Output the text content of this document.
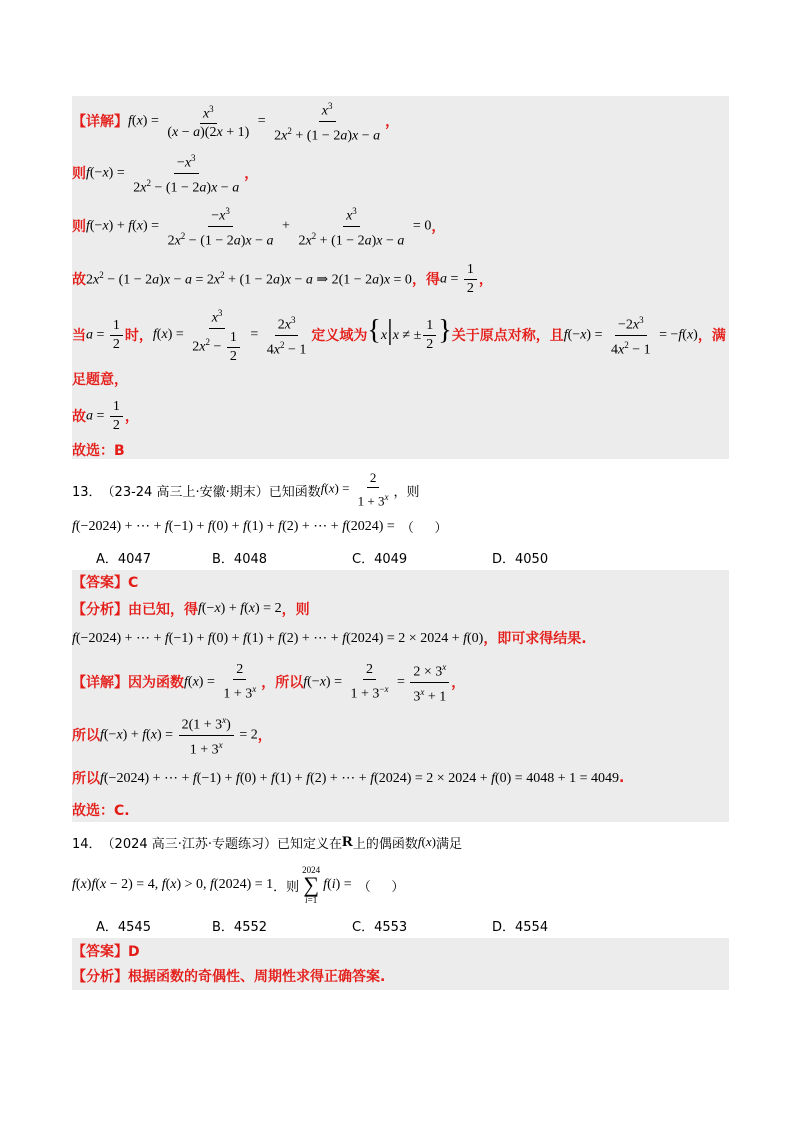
【详解】 $f(x) = \frac{x^3}{(x - a)(2x + 1)} = \frac{x^3}{2x^2 + (1 - 2a)x - a}$ ，
则 $f(-x) = \frac{-x^3}{2x^2 - (1 - 2a)x - a}$ ，
则 $f(-x) + f(x) = \frac{-x^3}{2x^2 - (1 - 2a)x - a} + \frac{x^3}{2x^2 + (1 - 2a)x - a} = 0$ ，
故 $2x^2 - (1 - 2a)x - a = 2x^2 + (1 - 2a)x - a$ ⇒ 2(1 − 2a)x = 0 ， 得 $a = \frac{1}{2}$ ，
当 $a = \frac{1}{2}$ 时， $f(x) = \frac{x^3}{2x^2 - \frac{1}{2}} = \frac{2x^3}{4x^2 - 1}$ 定义域为 {x|x ≠ ± $\frac{1}{2}$ } 关于原点对称，且 $f(-x) = \frac{-2x^3}{4x^2 - 1} = -f(x)$ ，满
足题意，
故 $a = \frac{1}{2}$ ，
故选：B
13． （23-24 高三上·安徽·期末）已知函数 $f(x) = \frac{2}{1 + 3^x}$ ，则
f(−2024) + ⋯ + f(−1) + f(0) + f(1) + f(2) + ⋯ + f(2024) = （     ）
A．4047	B．4048	C．4049	D．4050
【答案】C
【分析】 由已知，得 f(−x) + f(x) = 2 ，则
f(−2024) + ⋯ + f(−1) + f(0) + f(1) + f(2) + ⋯ + f(2024) = 2 × 2024 + f(0) ，即可求得结果.
【详解】 因为函数 $f(x) = \frac{2}{1 + 3^x}$ ，所以 $f(-x) = \frac{2}{1 + 3^{-x}} = \frac{2 \times 3^x}{3^x + 1}$ ，
所以 $f(-x) + f(x) = \frac{2(1 + 3^x)}{1 + 3^x} = 2$ ，
所以 f(−2024) + ⋯ + f(−1) + f(0) + f(1) + f(2) + ⋯ + f(2024) = 2 × 2024 + f(0) = 4048 + 1 = 4049 .
故选：C.
14． （2024 高三·江苏·专题练习）已知定义在 R 上的偶函数 f(x) 满足
f(x)f(x − 2) = 4, f(x) > 0, f(2024) = 1 ．则
2024
∑
i=1
f(i) = （     ）
A．4545	B．4552	C．4553	D．4554
【答案】D
【分析】根据函数的奇偶性、周期性求得正确答案.
